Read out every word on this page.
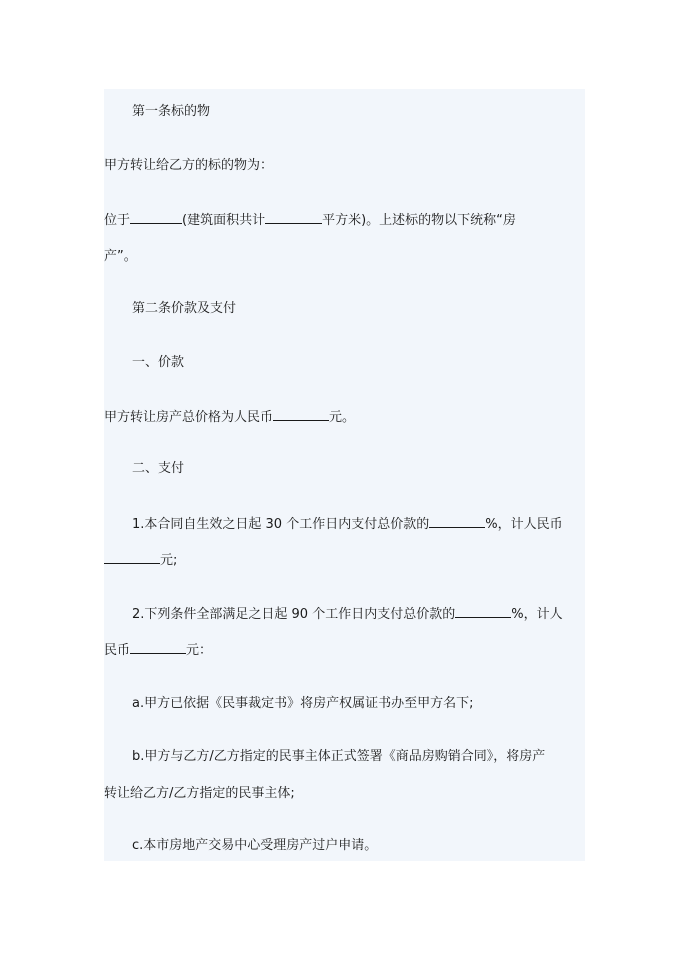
第一条标的物

甲方转让给乙方的标的物为：

位于	(建筑面积共计	平方米)。上述标的物以下统称“房

产”。

第二条价款及支付

一、价款

甲方转让房产总价格为人民币	元。

二、支付

1.本合同自生效之日起 30 个工作日内支付总价款的	%，计人民币

元;

2.下列条件全部满足之日起 90 个工作日内支付总价款的	%，计人

民币	元：

a.甲方已依据《民事裁定书》将房产权属证书办至甲方名下;

b.甲方与乙方/乙方指定的民事主体正式签署《商品房购销合同》，将房产

转让给乙方/乙方指定的民事主体;

c.本市房地产交易中心受理房产过户申请。
